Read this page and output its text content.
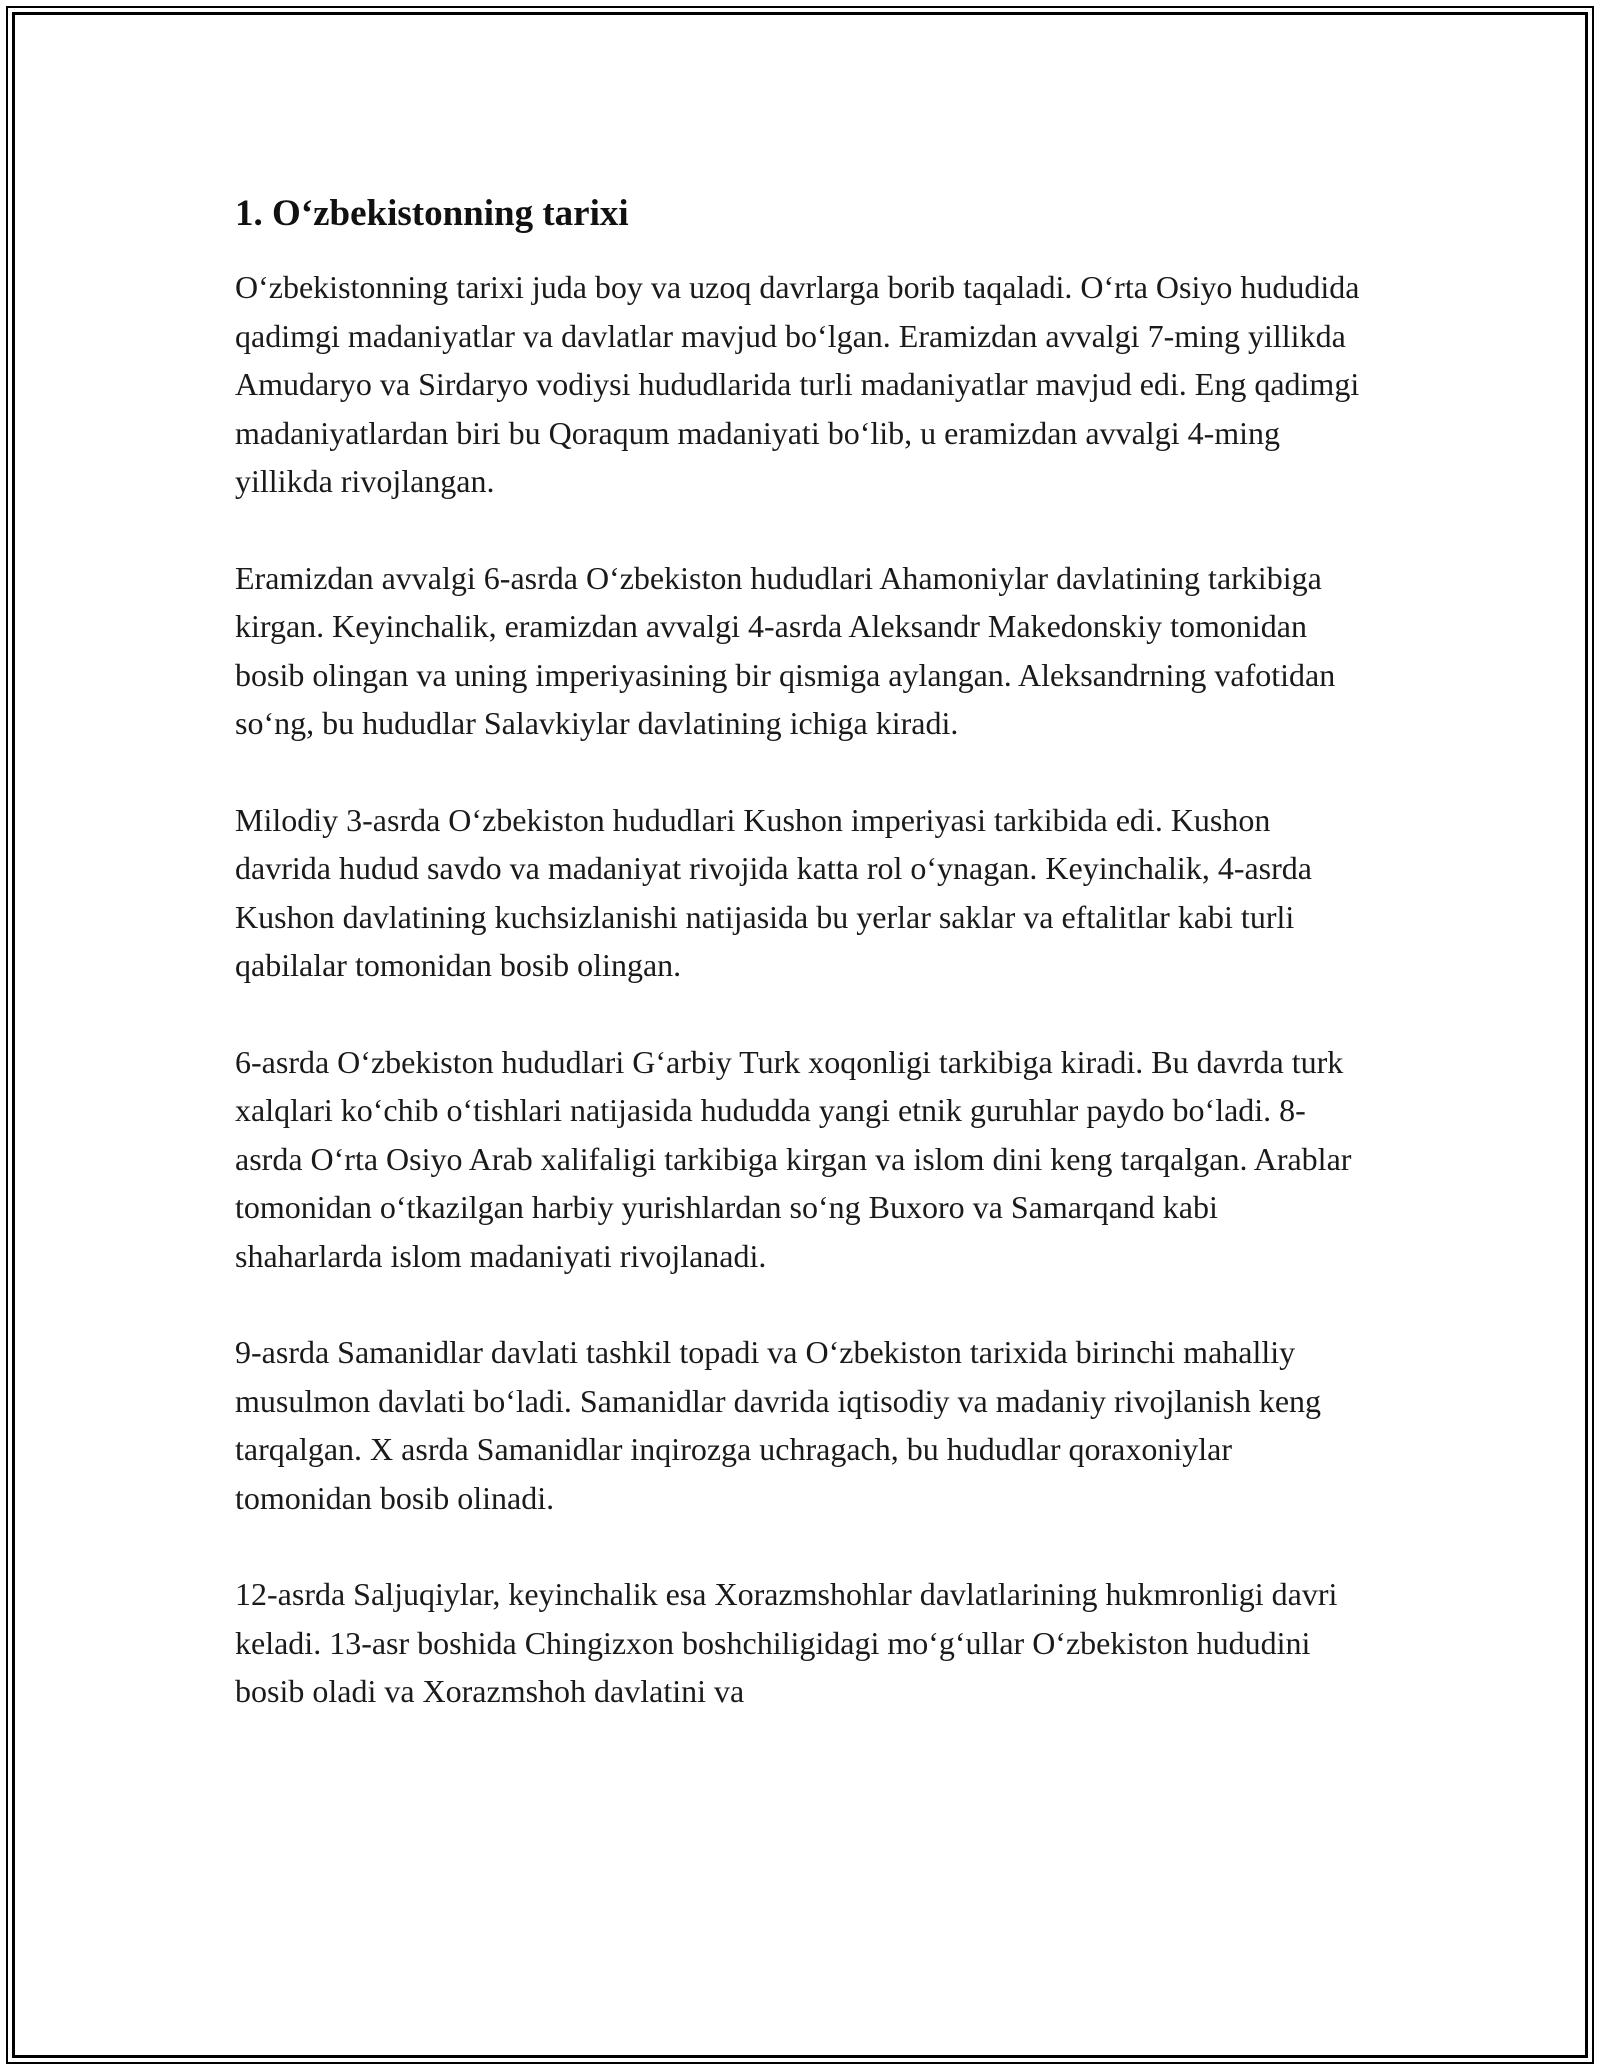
1. O‘zbekistonning tarixi

O‘zbekistonning tarixi juda boy va uzoq davrlarga borib taqaladi. O‘rta Osiyo hududida qadimgi madaniyatlar va davlatlar mavjud bo‘lgan. Eramizdan avvalgi 7-ming yillikda Amudaryo va Sirdaryo vodiysi hududlarida turli madaniyatlar mavjud edi. Eng qadimgi madaniyatlardan biri bu Qoraqum madaniyati bo‘lib, u eramizdan avvalgi 4-ming yillikda rivojlangan.

Eramizdan avvalgi 6-asrda O‘zbekiston hududlari Ahamoniylar davlatining tarkibiga kirgan. Keyinchalik, eramizdan avvalgi 4-asrda Aleksandr Makedonskiy tomonidan bosib olingan va uning imperiyasining bir qismiga aylangan. Aleksandrning vafotidan so‘ng, bu hududlar Salavkiylar davlatining ichiga kiradi.

Milodiy 3-asrda O‘zbekiston hududlari Kushon imperiyasi tarkibida edi. Kushon davrida hudud savdo va madaniyat rivojida katta rol o‘ynagan. Keyinchalik, 4-asrda Kushon davlatining kuchsizlanishi natijasida bu yerlar saklar va eftalitlar kabi turli qabilalar tomonidan bosib olingan.

6-asrda O‘zbekiston hududlari G‘arbiy Turk xoqonligi tarkibiga kiradi. Bu davrda turk xalqlari ko‘chib o‘tishlari natijasida hududda yangi etnik guruhlar paydo bo‘ladi. 8-asrda O‘rta Osiyo Arab xalifaligi tarkibiga kirgan va islom dini keng tarqalgan. Arablar tomonidan o‘tkazilgan harbiy yurishlardan so‘ng Buxoro va Samarqand kabi shaharlarda islom madaniyati rivojlanadi.

9-asrda Samanidlar davlati tashkil topadi va O‘zbekiston tarixida birinchi mahalliy musulmon davlati bo‘ladi. Samanidlar davrida iqtisodiy va madaniy rivojlanish keng tarqalgan. X asrda Samanidlar inqirozga uchragach, bu hududlar qoraxoniylar tomonidan bosib olinadi.

12-asrda Saljuqiylar, keyinchalik esa Xorazmshohlar davlatlarining hukmronligi davri keladi. 13-asr boshida Chingizxon boshchiligidagi mo‘g‘ullar O‘zbekiston hududini bosib oladi va Xorazmshoh davlatini va
